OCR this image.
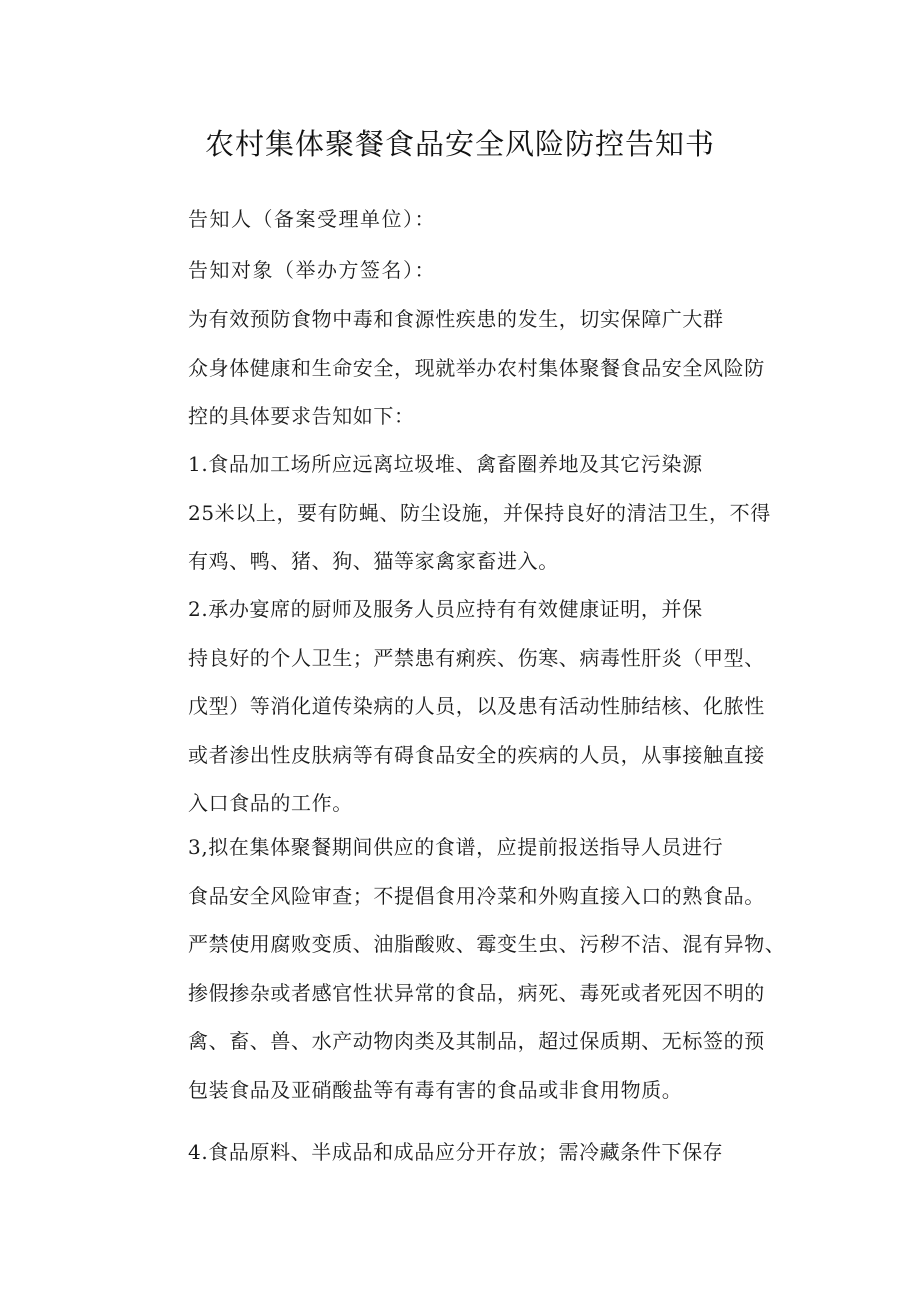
农村集体聚餐食品安全风险防控告知书
告知人（备案受理单位）：
告知对象（举办方签名）：
为有效预防食物中毒和食源性疾患的发生，切实保障广大群
众身体健康和生命安全，现就举办农村集体聚餐食品安全风险防
控的具体要求告知如下：
1.食品加工场所应远离垃圾堆、禽畜圈养地及其它污染源
25米以上，要有防蝇、防尘设施，并保持良好的清洁卫生，不得
有鸡、鸭、猪、狗、猫等家禽家畜进入。
2.承办宴席的厨师及服务人员应持有有效健康证明，并保
持良好的个人卫生；严禁患有痢疾、伤寒、病毒性肝炎（甲型、
戊型）等消化道传染病的人员，以及患有活动性肺结核、化脓性
或者渗出性皮肤病等有碍食品安全的疾病的人员，从事接触直接
入口食品的工作。
3,拟在集体聚餐期间供应的食谱，应提前报送指导人员进行
食品安全风险审查；不提倡食用冷菜和外购直接入口的熟食品。
严禁使用腐败变质、油脂酸败、霉变生虫、污秽不洁、混有异物、
掺假掺杂或者感官性状异常的食品，病死、毒死或者死因不明的
禽、畜、兽、水产动物肉类及其制品，超过保质期、无标签的预
包装食品及亚硝酸盐等有毒有害的食品或非食用物质。
4.食品原料、半成品和成品应分开存放；需冷藏条件下保存
